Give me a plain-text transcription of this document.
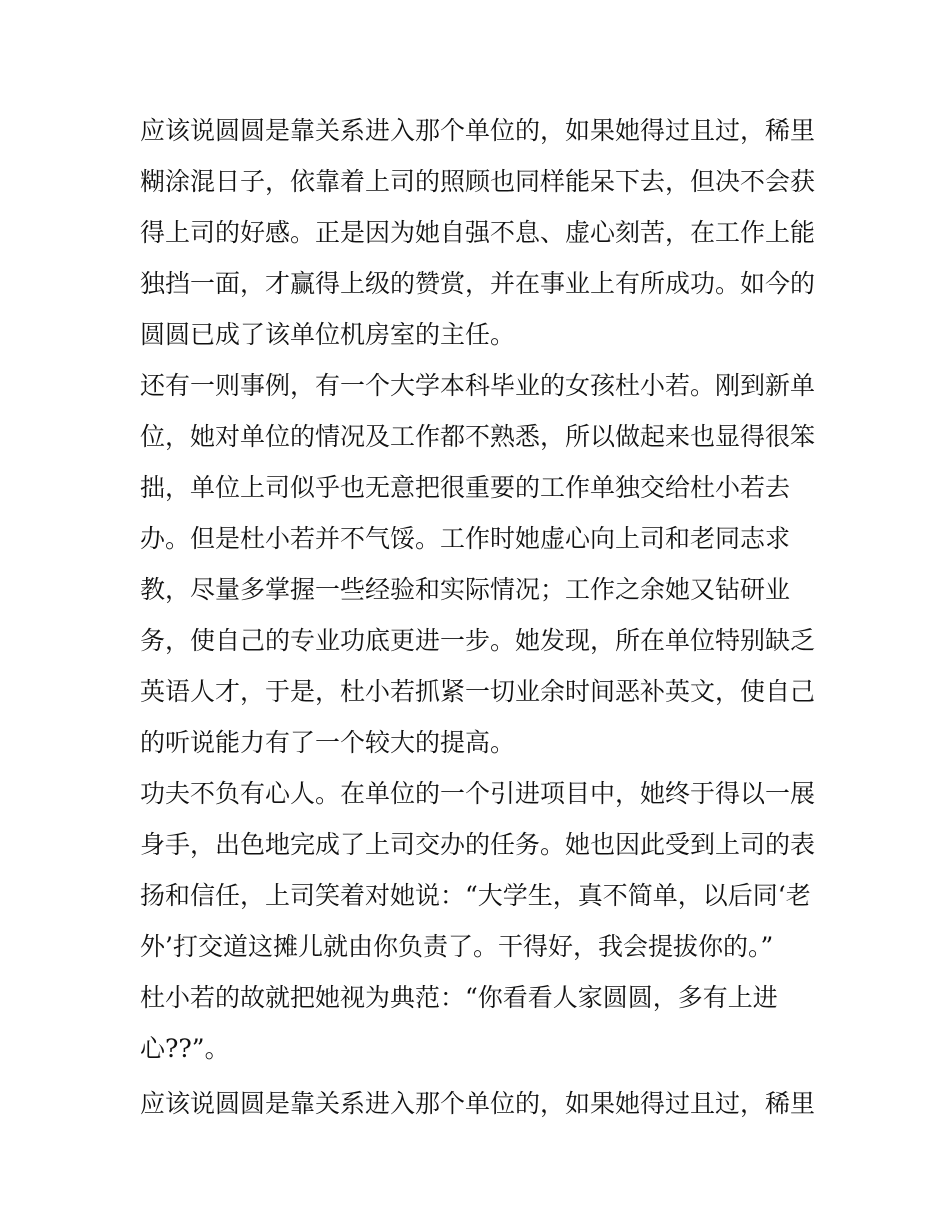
应该说圆圆是靠关系进入那个单位的，如果她得过且过，稀里
糊涂混日子，依靠着上司的照顾也同样能呆下去，但决不会获
得上司的好感。正是因为她自强不息、虚心刻苦，在工作上能
独挡一面，才赢得上级的赞赏，并在事业上有所成功。如今的
圆圆已成了该单位机房室的主任。
还有一则事例，有一个大学本科毕业的女孩杜小若。刚到新单
位，她对单位的情况及工作都不熟悉，所以做起来也显得很笨
拙，单位上司似乎也无意把很重要的工作单独交给杜小若去
办。但是杜小若并不气馁。工作时她虚心向上司和老同志求
教，尽量多掌握一些经验和实际情况；工作之余她又钻研业
务，使自己的专业功底更进一步。她发现，所在单位特别缺乏
英语人才，于是，杜小若抓紧一切业余时间恶补英文，使自己
的听说能力有了一个较大的提高。
功夫不负有心人。在单位的一个引进项目中，她终于得以一展
身手，出色地完成了上司交办的任务。她也因此受到上司的表
扬和信任，上司笑着对她说：“大学生，真不简单，以后同‘老
外’打交道这摊儿就由你负责了。干得好，我会提拔你的。”
杜小若的故就把她视为典范：“你看看人家圆圆，多有上进
心??”。
应该说圆圆是靠关系进入那个单位的，如果她得过且过，稀里
